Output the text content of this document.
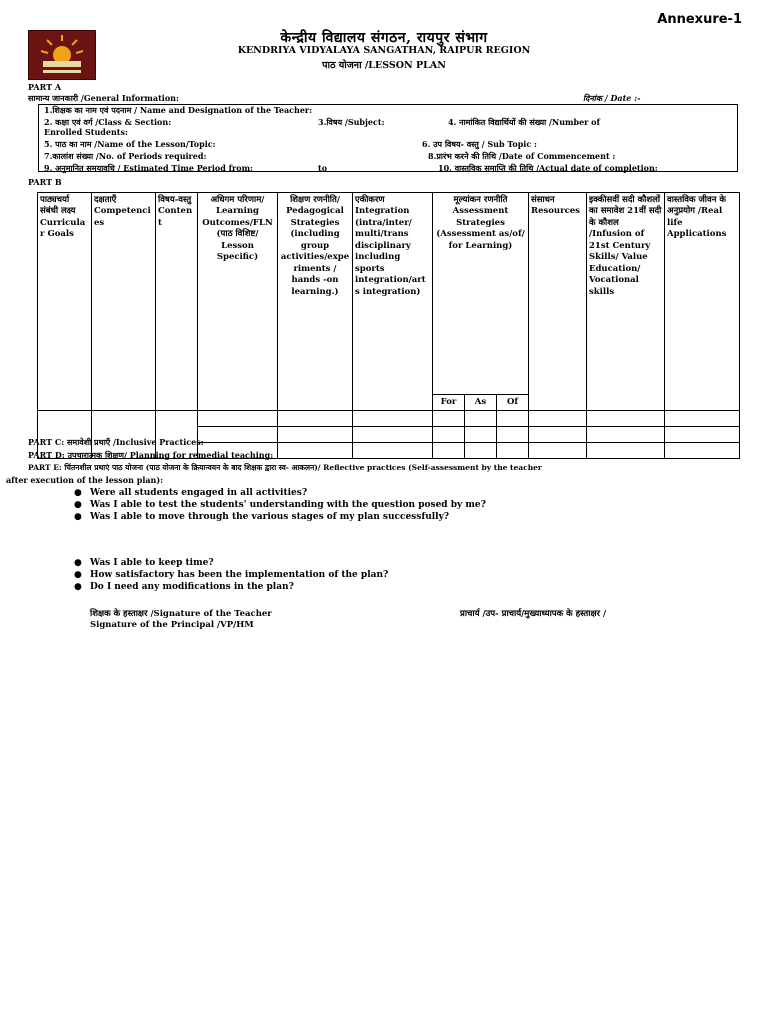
Annexure-1
केन्द्रीय विद्यालय संगठन, रायपुर संभाग
KENDRIYA VIDYALAYA SANGATHAN, RAIPUR REGION
पाठ योजना /LESSON PLAN
PART A
सामान्य जानकारी /General Information:	दिनांक / Date :-
1.शिक्षक का नाम एवं पदनाम / Name and Designation of the Teacher:
2. कक्षा एवं वर्ग /Class & Section:	3.विषय /Subject:	4. नामांकित विद्यार्थियों की संख्या /Number of
Enrolled Students:
5. पाठ का नाम /Name of the Lesson/Topic:	6. उप विषय- वस्तु / Sub Topic :
7.कालांश संख्या /No. of Periods required:	8.प्रारंभ करने की तिथि /Date of Commencement :
9. अनुमानित समयावधि / Estimated Time Period from:	to	10. वास्तविक समाप्ति की तिथि /Actual date of completion:
PART B
पाठ्यचर्या संबंधी लक्ष्य Curricular Goals	दक्षताएँ Competencies	विषय-वस्तु Content	अधिगम परिणाम/ Learning Outcomes/FLN (पाठ विशिष्ट/ Lesson Specific)	शिक्षण रणनीति/ Pedagogical Strategies (including group activities/experiments / hands -on learning.)	एकीकरण Integration (intra/inter/ multi/trans disciplinary including sports integration/arts integration)	मूल्यांकन रणनीति Assessment Strategies (Assessment as/of/ for Learning)			संसाधन Resources	इक्कीसवीं सदी कौशलों का समावेश 21वीं सदी के कौशल /Infusion of 21st Century Skills/ Value Education/ Vocational skills	वास्तविक जीवन के अनुप्रयोग /Real life Applications
						For	As	Of			

PART C: समावेशी प्रथाएँ /Inclusive Practices:
PART D: उपचारात्मक शिक्षण/ Planning for remedial teaching:
PART E: चिंतनशील प्रथाएं पाठ योजना (पाठ योजना के क्रियान्वयन के बाद शिक्षक द्वारा स्व- आकलन)/ Reflective practices (Self-assessment by the teacher
after execution of the lesson plan):
● Were all students engaged in all activities?
● Was I able to test the students' understanding with the question posed by me?
● Was I able to move through the various stages of my plan successfully?
● Was I able to keep time?
● How satisfactory has been the implementation of the plan?
● Do I need any modifications in the plan?
शिक्षक के हस्ताक्षर /Signature of the Teacher	प्राचार्य /उप- प्राचार्य/मुख्याध्यापक के हस्ताक्षर /
Signature of the Principal /VP/HM
